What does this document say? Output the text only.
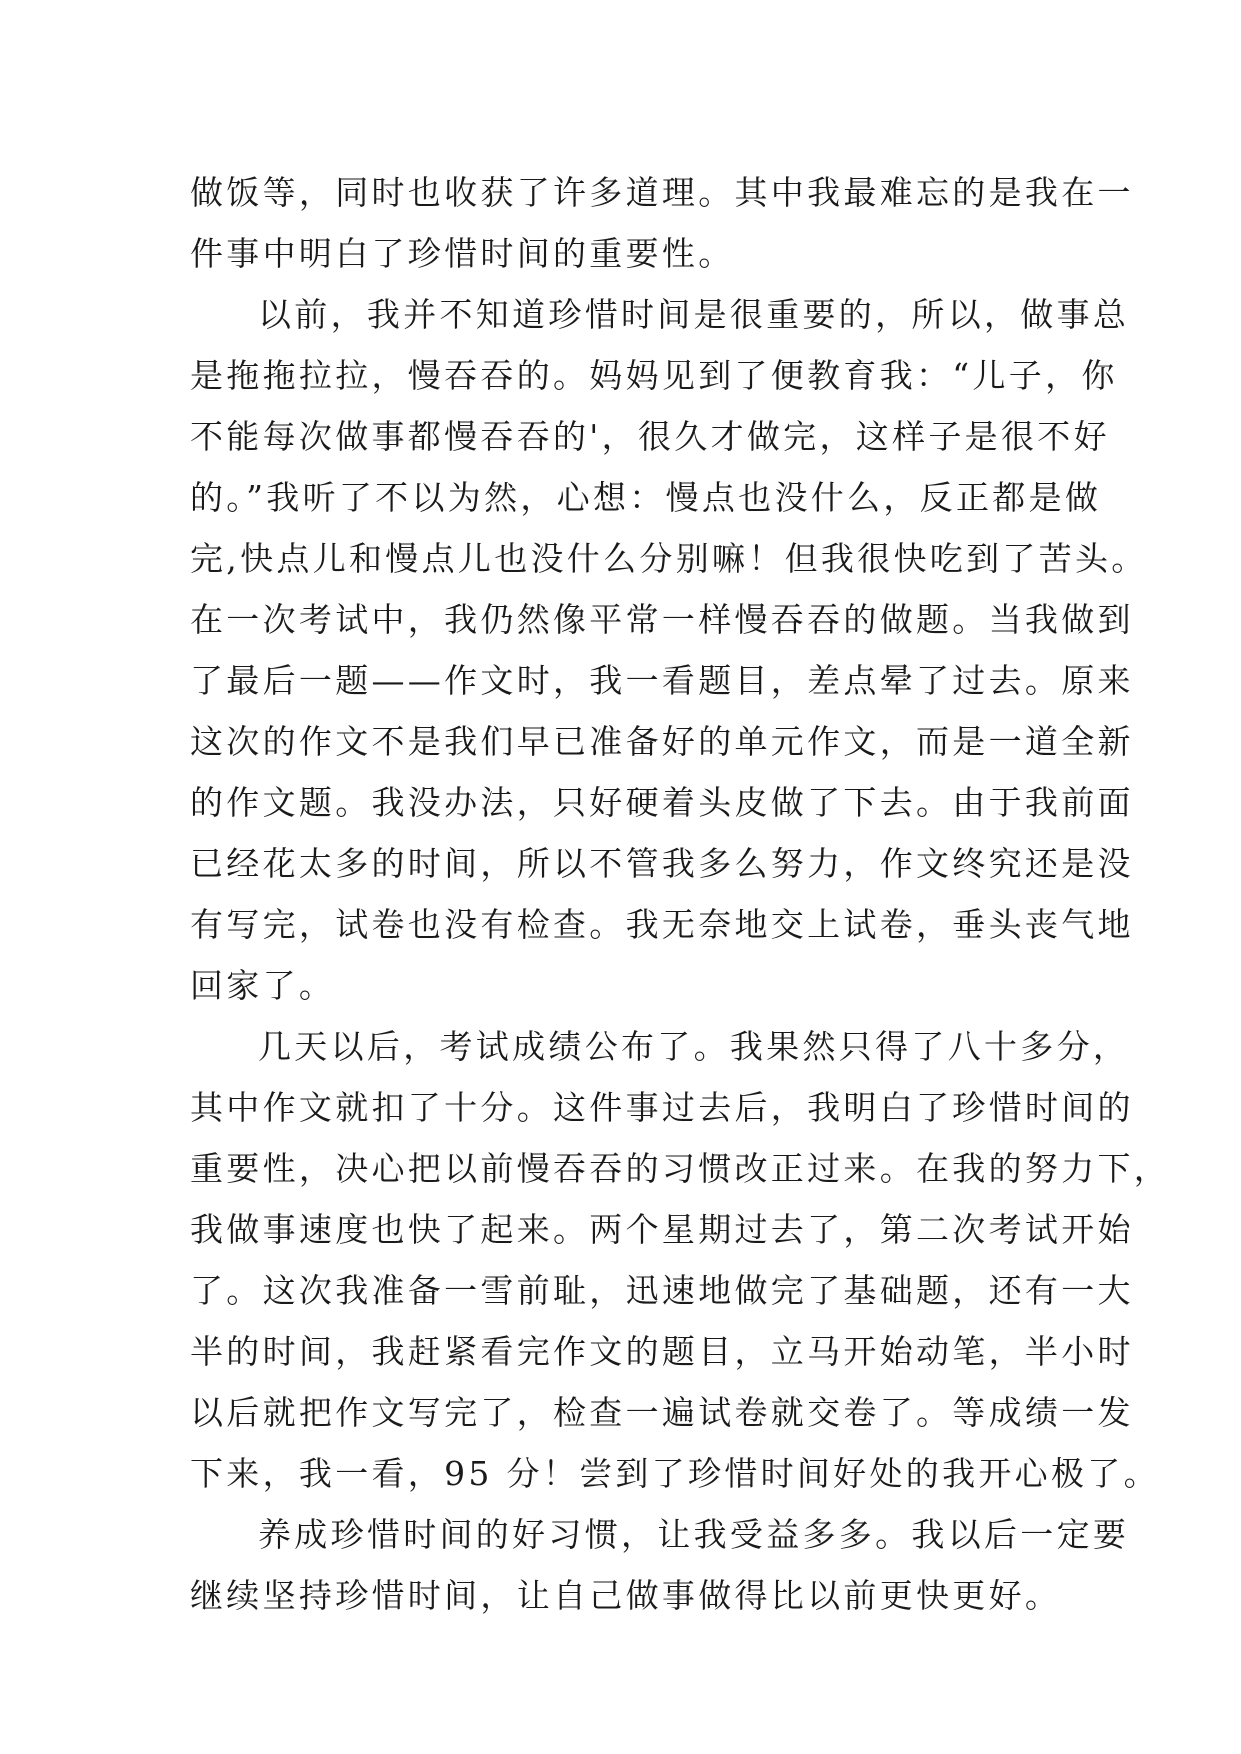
做饭等，同时也收获了许多道理。其中我最难忘的是我在一
件事中明白了珍惜时间的重要性。
以前，我并不知道珍惜时间是很重要的，所以，做事总
是拖拖拉拉，慢吞吞的。妈妈见到了便教育我：“儿子，你
不能每次做事都慢吞吞的'，很久才做完，这样子是很不好
的。”我听了不以为然，心想：慢点也没什么，反正都是做
完,快点儿和慢点儿也没什么分别嘛！但我很快吃到了苦头。
在一次考试中，我仍然像平常一样慢吞吞的做题。当我做到
了最后一题——作文时，我一看题目，差点晕了过去。原来
这次的作文不是我们早已准备好的单元作文，而是一道全新
的作文题。我没办法，只好硬着头皮做了下去。由于我前面
已经花太多的时间，所以不管我多么努力，作文终究还是没
有写完，试卷也没有检查。我无奈地交上试卷，垂头丧气地
回家了。
几天以后，考试成绩公布了。我果然只得了八十多分，
其中作文就扣了十分。这件事过去后，我明白了珍惜时间的
重要性，决心把以前慢吞吞的习惯改正过来。在我的努力下，
我做事速度也快了起来。两个星期过去了，第二次考试开始
了。这次我准备一雪前耻，迅速地做完了基础题，还有一大
半的时间，我赶紧看完作文的题目，立马开始动笔，半小时
以后就把作文写完了，检查一遍试卷就交卷了。等成绩一发
下来，我一看，95 分！尝到了珍惜时间好处的我开心极了。
养成珍惜时间的好习惯，让我受益多多。我以后一定要
继续坚持珍惜时间，让自己做事做得比以前更快更好。
